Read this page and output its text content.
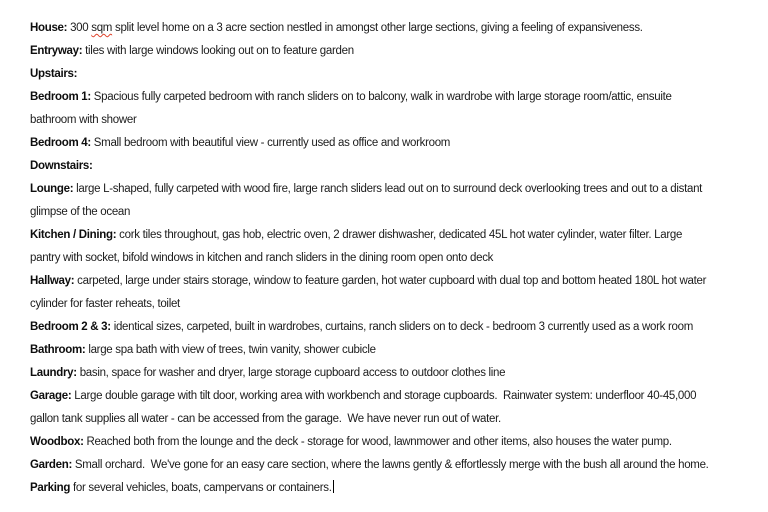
House: 300 sqm split level home on a 3 acre section nestled in amongst other large sections, giving a feeling of expansiveness.
Entryway: tiles with large windows looking out on to feature garden
Upstairs:
Bedroom 1: Spacious fully carpeted bedroom with ranch sliders on to balcony, walk in wardrobe with large storage room/attic, ensuite
bathroom with shower
Bedroom 4: Small bedroom with beautiful view - currently used as office and workroom
Downstairs:
Lounge: large L-shaped, fully carpeted with wood fire, large ranch sliders lead out on to surround deck overlooking trees and out to a distant
glimpse of the ocean
Kitchen / Dining: cork tiles throughout, gas hob, electric oven, 2 drawer dishwasher, dedicated 45L hot water cylinder, water filter. Large
pantry with socket, bifold windows in kitchen and ranch sliders in the dining room open onto deck
Hallway: carpeted, large under stairs storage, window to feature garden, hot water cupboard with dual top and bottom heated 180L hot water
cylinder for faster reheats, toilet
Bedroom 2 & 3: identical sizes, carpeted, built in wardrobes, curtains, ranch sliders on to deck - bedroom 3 currently used as a work room
Bathroom: large spa bath with view of trees, twin vanity, shower cubicle
Laundry: basin, space for washer and dryer, large storage cupboard access to outdoor clothes line
Garage: Large double garage with tilt door, working area with workbench and storage cupboards.  Rainwater system: underfloor 40-45,000
gallon tank supplies all water - can be accessed from the garage.  We have never run out of water.
Woodbox: Reached both from the lounge and the deck - storage for wood, lawnmower and other items, also houses the water pump.
Garden: Small orchard.  We've gone for an easy care section, where the lawns gently & effortlessly merge with the bush all around the home.
Parking for several vehicles, boats, campervans or containers.
